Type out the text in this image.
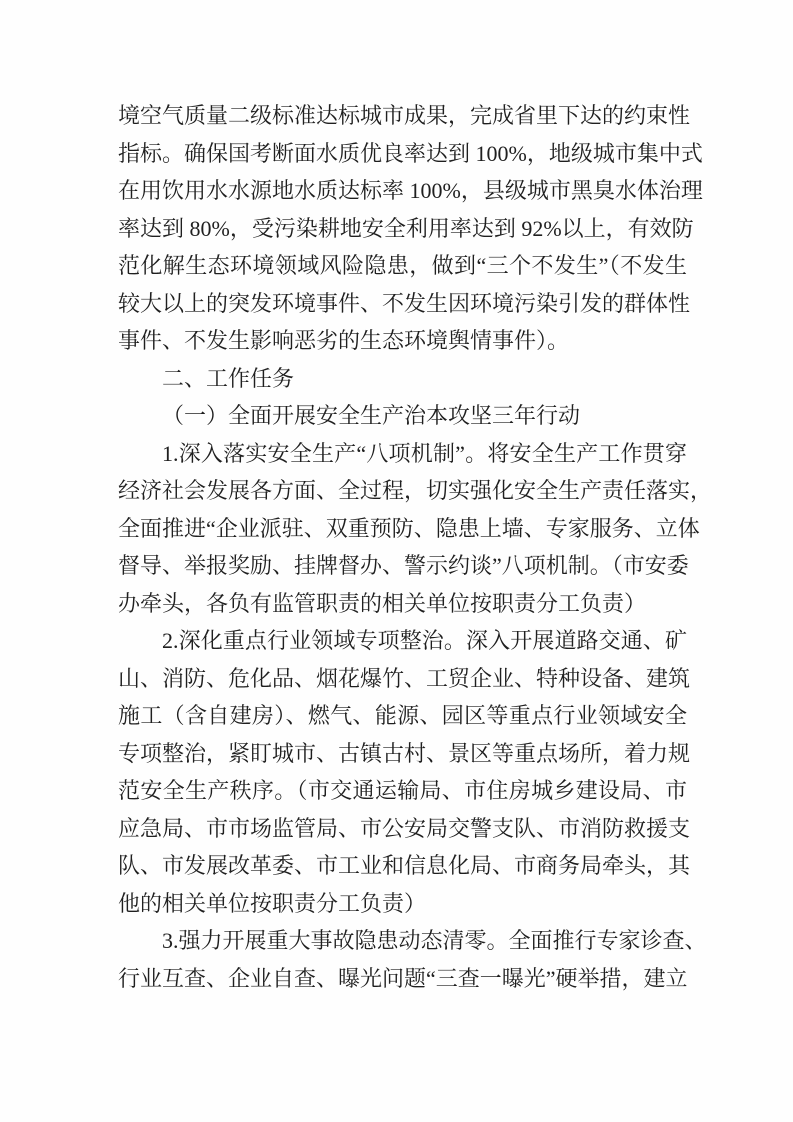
境空气质量二级标准达标城市成果，完成省里下达的约束性
指标。确保国考断面水质优良率达到 100%，地级城市集中式
在用饮用水水源地水质达标率 100%，县级城市黑臭水体治理
率达到 80%，受污染耕地安全利用率达到 92%以上，有效防
范化解生态环境领域风险隐患，做到“三个不发生”（不发生
较大以上的突发环境事件、不发生因环境污染引发的群体性
事件、不发生影响恶劣的生态环境舆情事件）。
二、工作任务
（一）全面开展安全生产治本攻坚三年行动
1.深入落实安全生产“八项机制”。将安全生产工作贯穿
经济社会发展各方面、全过程，切实强化安全生产责任落实，
全面推进“企业派驻、双重预防、隐患上墙、专家服务、立体
督导、举报奖励、挂牌督办、警示约谈”八项机制。（市安委
办牵头，各负有监管职责的相关单位按职责分工负责）
2.深化重点行业领域专项整治。深入开展道路交通、矿
山、消防、危化品、烟花爆竹、工贸企业、特种设备、建筑
施工（含自建房）、燃气、能源、园区等重点行业领域安全
专项整治，紧盯城市、古镇古村、景区等重点场所，着力规
范安全生产秩序。（市交通运输局、市住房城乡建设局、市
应急局、市市场监管局、市公安局交警支队、市消防救援支
队、市发展改革委、市工业和信息化局、市商务局牵头，其
他的相关单位按职责分工负责）
3.强力开展重大事故隐患动态清零。全面推行专家诊查、
行业互查、企业自查、曝光问题“三查一曝光”硬举措，建立
